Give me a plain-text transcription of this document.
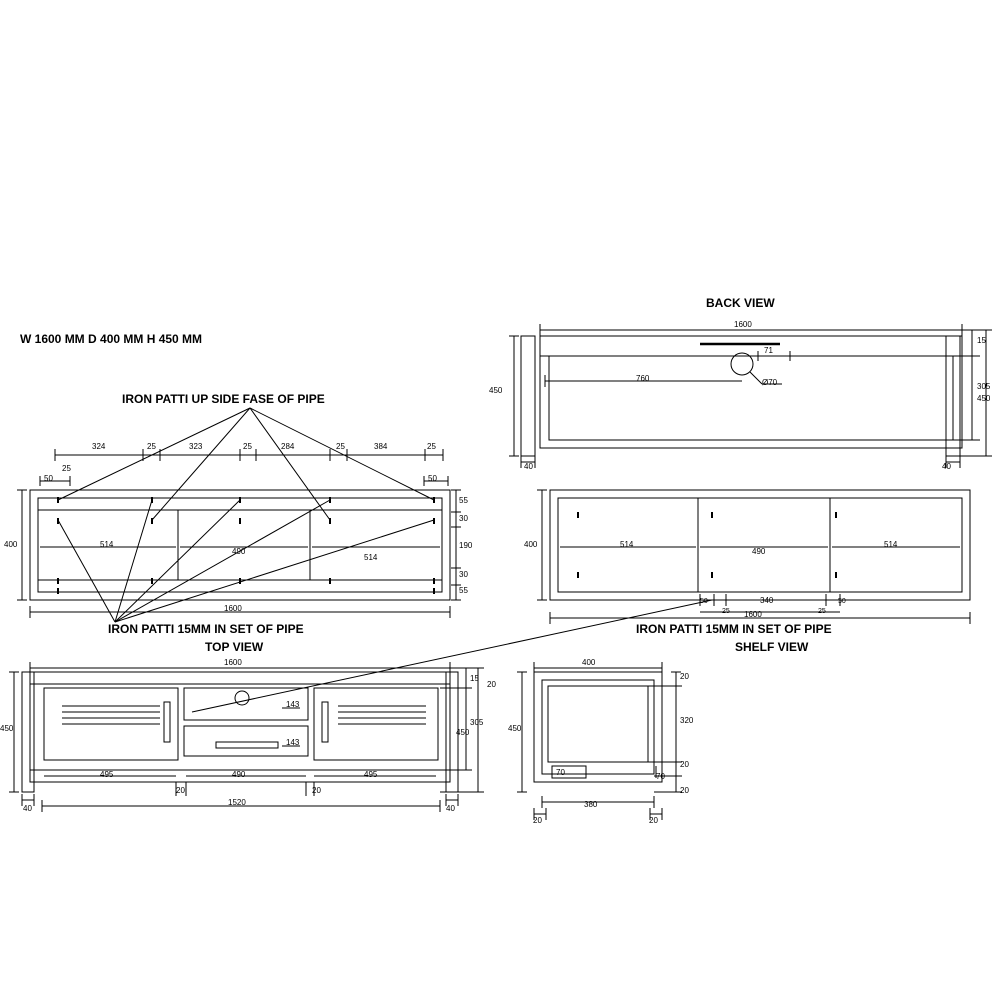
W 1600 MM D 400 MM H 450 MM
BACK VIEW
SHELF VIEW
TOP VIEW
IRON PATTI UP SIDE FASE OF PIPE
IRON PATTI 15MM IN SET OF PIPE	IRON PATTI 15MM IN SET OF PIPE
1600
450
15
305
450
760
71
Ø70
40	40
324	25	323	25	284	25	384	25
50
25
50
400
55
30
190
30
55
514
490
514
1600
400	514
490
514
50
25
340
25
50
1600
1600
450
15
20
305
450
143
143
495	490	495
20	20
1520
40	40
400
450
320
20
20
20
70
70
380
20	20
